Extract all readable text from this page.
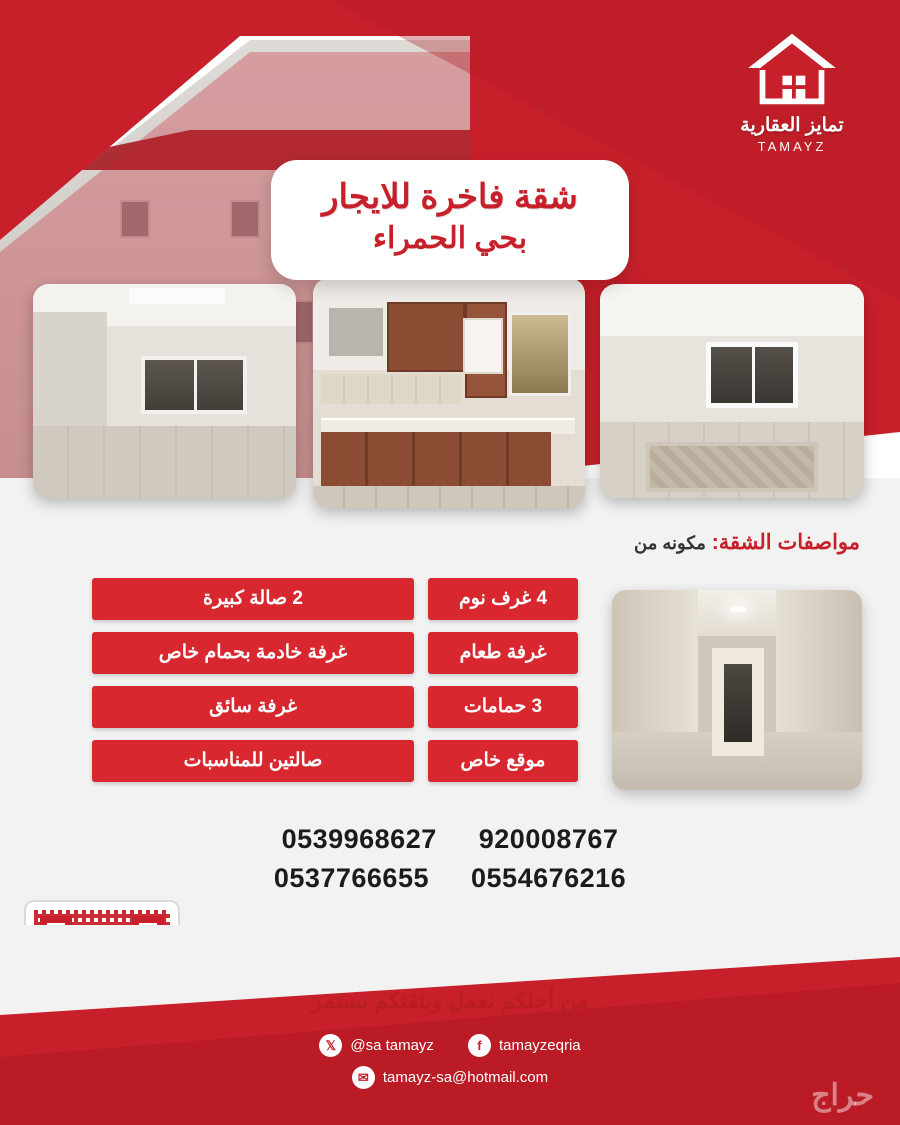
تمايز العقارية
TAMAYZ
شقة فاخرة للايجار
بحي الحمراء
مواصفات الشقة: مكونه من
4 غرف نوم
2 صالة كبيرة
غرفة طعام
غرفة خادمة بحمام خاص
3 حمامات
غرفة سائق
موقع خاص
صالتين للمناسبات
0539968627 920008767
0537766655 0554676216
من أجلكم نعمل وبثقتكم نستمر
𝕏 @sa tamayz	f	tamayzeqria
✉ tamayz-sa@hotmail.com
حراج
